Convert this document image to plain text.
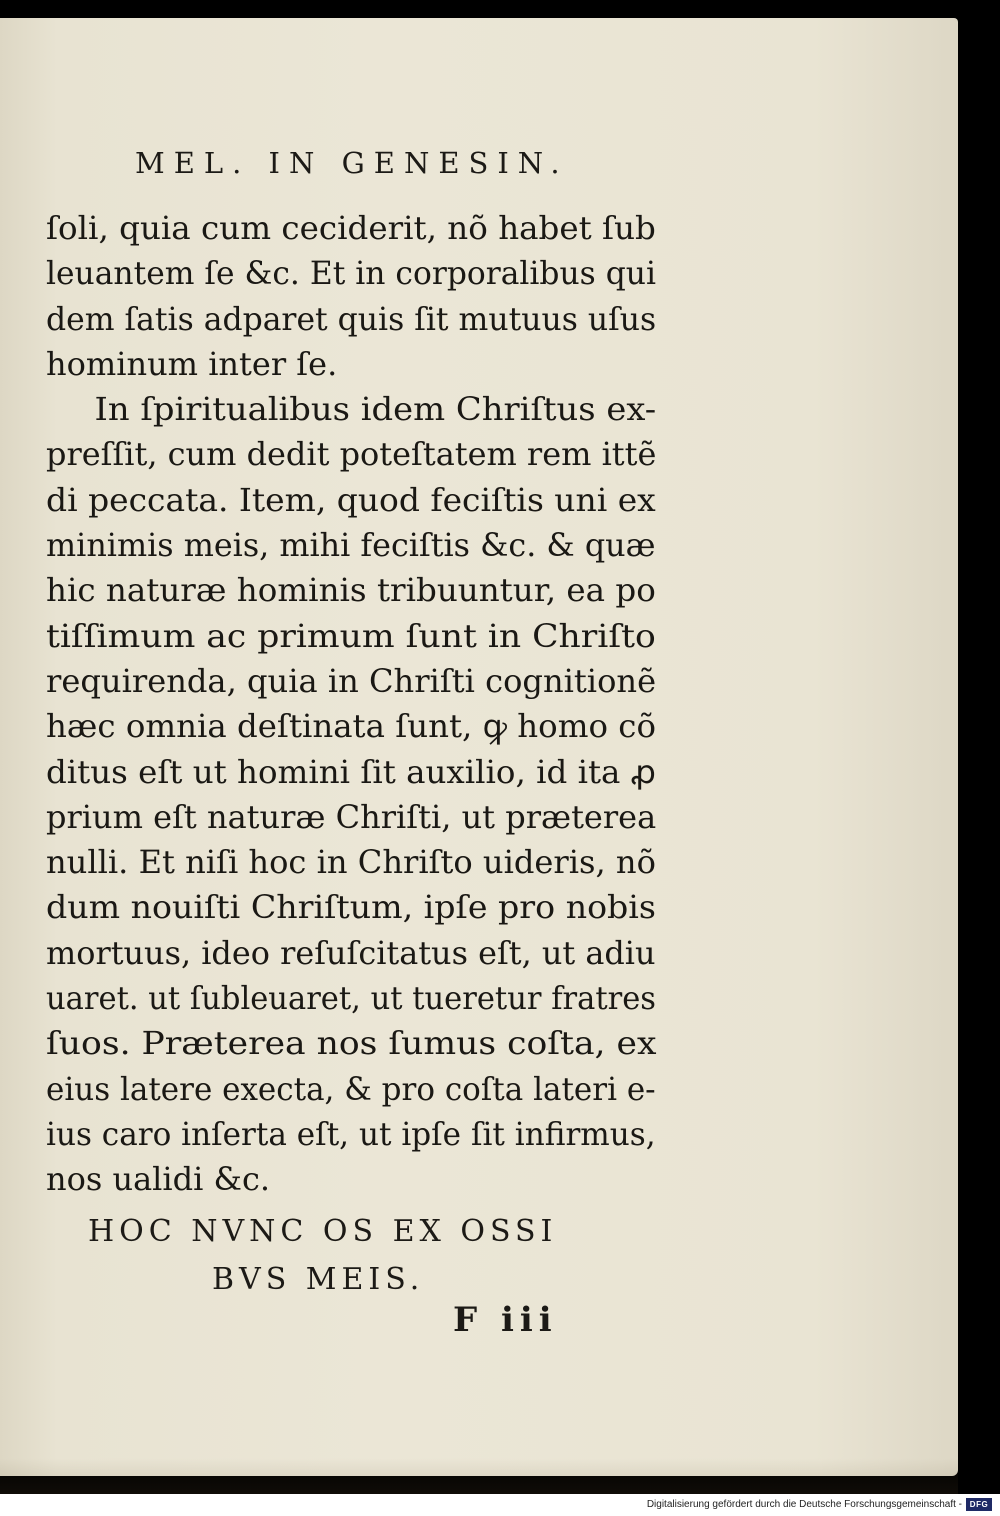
MEL. IN GENESIN.
ſoli, quia cum ceciderit, nõ habet ſub
leuantem ſe &c. Et in corporalibus qui
dem ſatis adparet quis ſit mutuus uſus
hominum inter ſe.
In ſpiritualibus idem Chriſtus ex-
preſſit, cum dedit poteſtatem rem ittẽ
di peccata. Item, quod feciſtis uni ex
minimis meis, mihi feciſtis &c. & quæ
hic naturæ hominis tribuuntur, ea po
tiſſimum ac primum ſunt in Chriſto
requirenda, quia in Chriſti cognitionẽ
hæc omnia deſtinata ſunt, ꝙ homo cõ
ditus eſt ut homini ſit auxilio, id ita ꝓ
prium eſt naturæ Chriſti, ut præterea
nulli. Et niſi hoc in Chriſto uideris, nõ
dum nouiſti Chriſtum, ipſe pro nobis
mortuus, ideo reſuſcitatus eſt, ut adiu
uaret. ut ſubleuaret, ut tueretur fratres
ſuos. Præterea nos ſumus coſta, ex
eius latere exeсta, & pro coſta lateri e-
ius caro inſerta eſt, ut ipſe ſit infirmus,
nos ualidi &c.
HOC NVNC OS EX OSSI
BVS MEIS.
F iii
Digitalisierung gefördert durch die Deutsche Forschungsgemeinschaft - DFG
